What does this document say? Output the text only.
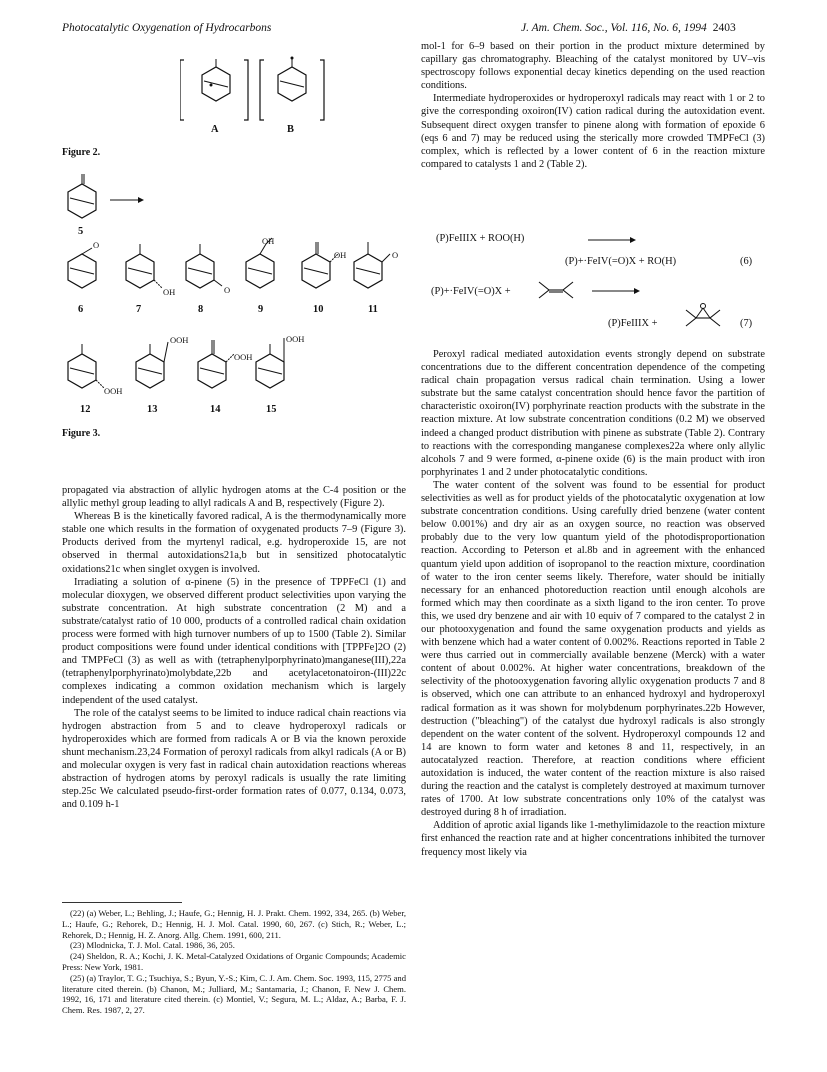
Photocatalytic Oxygenation of Hydrocarbons	J. Am. Chem. Soc., Vol. 116, No. 6, 1994 2403
A	B
Figure 2.
O
OH	O
OH
OH	O
OOH
OOH
OOH
OOH
5
6	7	8	9	10	11
12	13	14	15
Figure 3.

propagated via abstraction of allylic hydrogen atoms at the C-4 position or the allylic methyl group leading to allyl radicals A and B, respectively (Figure 2).

Whereas B is the kinetically favored radical, A is the thermodynamically more stable one which results in the formation of oxygenated products 7–9 (Figure 3). Products derived from the myrtenyl radical, e.g. hydroperoxide 15, are not observed in thermal autoxidations21a,b but in sensitized photocatalytic oxidations21c when singlet oxygen is involved.

Irradiating a solution of α-pinene (5) in the presence of TPPFeCl (1) and molecular dioxygen, we observed different product selectivities upon varying the substrate concentration. At high substrate concentration (2 M) and a substrate/catalyst ratio of 10 000, products of a controlled radical chain oxidation process were formed with high turnover numbers of up to 1500 (Table 2). Similar product compositions were found under identical conditions with [TPPFe]2O (2) and TMPFeCl (3) as well as with (tetraphenylporphyrinato)manganese(III),22a (tetraphenylporphyrinato)molybdate,22b and acetylacetonatoiron-(III)22c complexes indicating a common oxidation mechanism which is largely independent of the used catalyst.

The role of the catalyst seems to be limited to induce radical chain reactions via hydrogen abstraction from 5 and to cleave hydroperoxyl radicals or hydroperoxides which are formed from radicals A or B via the known peroxide shunt mechanism.23,24 Formation of peroxyl radicals from alkyl radicals (A or B) and molecular oxygen is very fast in radical chain autoxidation reactions whereas abstraction of hydrogen atoms by peroxyl radicals is usually the rate limiting step.25c We calculated pseudo-first-order formation rates of 0.077, 0.134, 0.073, and 0.109 h-1

(22) (a) Weber, L.; Behling, J.; Haufe, G.; Hennig, H. J. Prakt. Chem. 1992, 334, 265. (b) Weber, L.; Haufe, G.; Rehorek, D.; Hennig, H. J. Mol. Catal. 1990, 60, 267. (c) Stich, R.; Weber, L.; Rehorek, D.; Hennig, H. Z. Anorg. Allg. Chem. 1991, 600, 211.
(23) Mlodnicka, T. J. Mol. Catal. 1986, 36, 205.
(24) Sheldon, R. A.; Kochi, J. K. Metal-Catalyzed Oxidations of Organic Compounds; Academic Press: New York, 1981.
(25) (a) Traylor, T. G.; Tsuchiya, S.; Byun, Y.-S.; Kim, C. J. Am. Chem. Soc. 1993, 115, 2775 and literature cited therein. (b) Chanon, M.; Julliard, M.; Santamaria, J.; Chanon, F. New J. Chem. 1992, 16, 171 and literature cited therein. (c) Montiel, V.; Segura, M. L.; Aldaz, A.; Barba, F. J. Chem. Res. 1987, 2, 27.

mol-1 for 6–9 based on their portion in the product mixture determined by capillary gas chromatography. Bleaching of the catalyst monitored by UV–vis spectroscopy follows exponential decay kinetics depending on the used reaction conditions.

Intermediate hydroperoxides or hydroperoxyl radicals may react with 1 or 2 to give the corresponding oxoiron(IV) cation radical during the autoxidation event. Subsequent direct oxygen transfer to pinene along with formation of epoxide 6 (eqs 6 and 7) may be reduced using the sterically more crowded TMPFeCl (3) complex, which is reflected by a lower content of 6 in the reaction mixture compared to catalysts 1 and 2 (Table 2).

(P)FeIIIX + ROO(H)
(P)+·FeIV(=O)X + RO(H)	(6)
(P)+·FeIV(=O)X +
(P)FeIIIX +	(7)

Peroxyl radical mediated autoxidation events strongly depend on substrate concentrations due to the different concentration dependence of the competing radical chain propagation versus radical chain termination. Using a lower substrate but the same catalyst concentration should hence favor the partition of characteristic oxoiron(IV) porphyrinate reaction products with the substrate in the reaction mixture. At low substrate concentration conditions (0.2 M) we observed indeed a changed product distribution with pinene as substrate (Table 2). Contrary to reactions with the corresponding manganese complexes22a where only allylic alcohols 7 and 9 were formed, α-pinene oxide (6) is the main product with iron porphyrinates 1 and 2 under photocatalytic conditions.

The water content of the solvent was found to be essential for product selectivities as well as for product yields of the photocatalytic oxygenation at low substrate concentration conditions. Using carefully dried benzene (water content below 0.001%) and dry air as an oxygen source, no reaction was observed probably due to the very low quantum yield of the photodisproportionation reaction. According to Peterson et al.8b and in agreement with the enhanced quantum yield upon addition of isopropanol to the reaction mixture, coordination of water to the iron center seems likely. Therefore, water should be initially necessary for an enhanced photoreduction reaction until enough alcohols are formed which may then coordinate as a sixth ligand to the iron center. To prove this, we used dry benzene and air with 10 equiv of 7 compared to the catalyst 2 in our photooxygenation and found the same oxygenation products and yields as with benzene which had a water content of 0.002%. Reactions reported in Table 2 were thus carried out in commercially available benzene (Merck) with a water content of about 0.002%. At higher water concentrations, breakdown of the selectivity of the photooxygenation favoring allylic oxygenation products 7 and 8 is observed, which one can attribute to an enhanced hydroxyl and hydroperoxyl radical formation as it was shown for molybdenum porphyrinates.22b However, destruction ("bleaching") of the catalyst due hydroxyl radicals is also strongly dependent on the water content of the solvent. Hydroperoxyl compounds 12 and 14 are known to form water and ketones 8 and 11, respectively, in an autocatalyzed reaction. Therefore, at reaction conditions where efficient autoxidation is induced, the water content of the reaction mixture is also raised during the reaction and the catalyst is completely destroyed at maximum turnover rates of 1700. At low substrate concentrations only 10% of the catalyst was destroyed during 8 h of irradiation.

Addition of aprotic axial ligands like 1-methylimidazole to the reaction mixture first enhanced the reaction rate and at higher concentrations inhibited the turnover frequency most likely via
